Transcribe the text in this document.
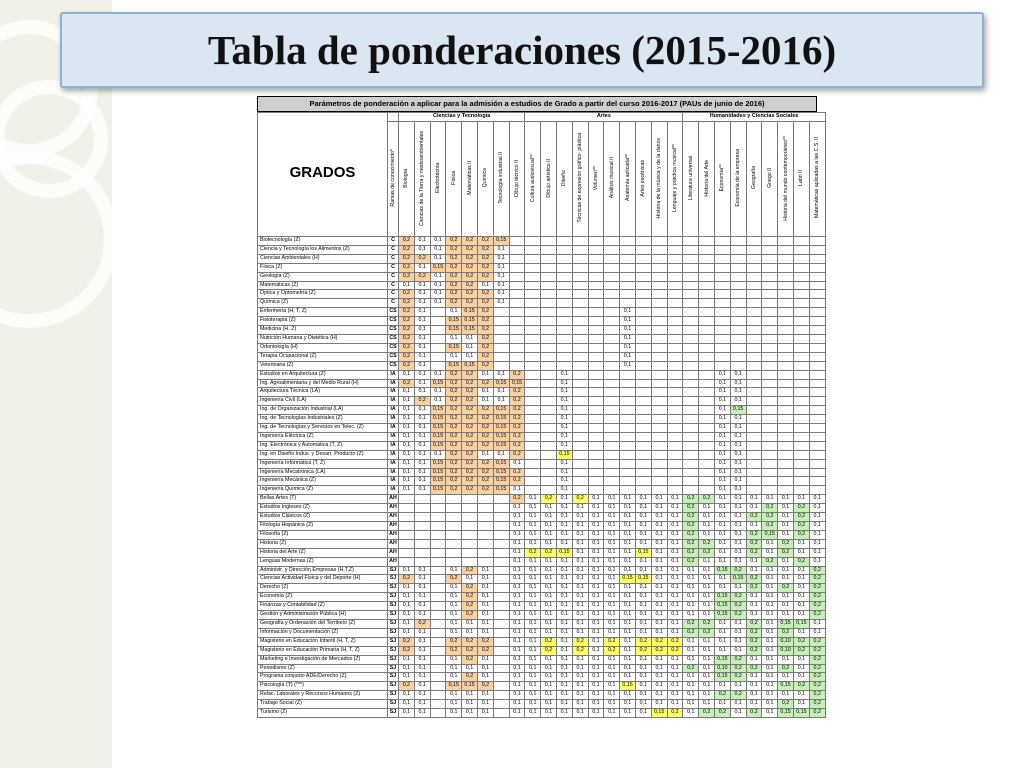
Tabla de ponderaciones (2015-2016)
Parámetros de ponderación a aplicar para la admisión a estudios de Grado a partir del curso 2016-2017 (PAUs de junio de 2016)
GRADOS		Ciencias y Tecnología								Artes										Humanidades y Ciencias Sociales								
	Ramas de conocimiento*	Biología	Ciencias de la Tierra y medioambientales	Electrotecnia	Física	Matemáticas II	Química	Tecnología industrial II	Dibujo técnico II	Cultura audiovisual**	Dibujo artístico II	Diseño	Técnicas de expresión gráfico- plástica	Volumen**	Análisis musical II	Anatomía aplicada**	Artes escénicas	Historia de la música y de la danza	Lenguaje y práctica musical**	Literatura universal	Historia del Arte	Economía**	Economía de la empresa	Geografía	Griego II	Historia del mundo contemporáneo**	Latín II	Matemáticas aplicadas a las C.S. II
Biotecnología (Z)	C	0,2	0,1	0,1	0,2	0,2	0,2	0,15																				
Ciencia y Tecnología los Alimentos (Z)	C	0,2	0,1	0,1	0,2	0,2	0,2	0,1																				
Ciencias Ambientales (H)	C	0,2	0,2	0,1	0,2	0,2	0,2	0,1																				
Física (Z)	C	0,2	0,1	0,15	0,2	0,2	0,2	0,1																				
Geología (Z)	C	0,2	0,2	0,1	0,2	0,2	0,2	0,1																				
Matemáticas (Z)	C	0,1	0,1	0,1	0,2	0,2	0,1	0,1																				
Óptica y Optometría (Z)	C	0,2	0,1	0,1	0,2	0,2	0,2	0,1																				
Química (Z)	C	0,2	0,1	0,1	0,2	0,2	0,2	0,1																				
Enfermería (H, T, Z)	CS	0,2	0,1		0,1	0,15	0,2									0,1												
Fisioterapia (Z)	CS	0,2	0,1		0,15	0,15	0,2									0,1												
Medicina (H, Z)	CS	0,2	0,1		0,15	0,15	0,2									0,1												
Nutrición Humana y Dietética (H)	CS	0,2	0,1		0,1	0,1	0,2									0,1												
Odontología (H)	CS	0,2	0,1		0,15	0,1	0,2									0,1												
Terapia Ocupacional (Z)	CS	0,2	0,1		0,1	0,1	0,2									0,1												
Veterinaria (Z)	CS	0,2	0,1		0,15	0,15	0,2									0,1												
Estudios en Arquitectura (Z)	IA	0,1	0,1	0,1	0,2	0,2	0,1	0,1	0,2			0,1										0,1	0,1					
Ing. Agroalimentaria y del Medio Rural (H)	IA	0,2	0,1	0,15	0,2	0,2	0,2	0,15	0,15			0,1										0,1	0,1					
Arquitectura Técnica (LA)	IA	0,1	0,1	0,1	0,2	0,2	0,1	0,1	0,2			0,1										0,1	0,1					
Ingeniería Civil (LA)	IA	0,1	0,2	0,1	0,2	0,2	0,1	0,1	0,2			0,1										0,1	0,1					
Ing. de Organización Industrial (LA)	IA	0,1	0,1	0,15	0,2	0,2	0,2	0,15	0,2			0,1										0,1	0,15					
Ing. de Tecnologías Industriales (Z)	IA	0,1	0,1	0,15	0,2	0,2	0,2	0,15	0,2			0,1										0,1	0,1					
Ing. de Tecnologías y Servicios en Telec. (Z)	IA	0,1	0,1	0,15	0,2	0,2	0,2	0,15	0,2			0,1										0,1	0,1					
Ingeniería Eléctrica (Z)	IA	0,1	0,1	0,15	0,2	0,2	0,2	0,15	0,2			0,1										0,1	0,1					
Ing. Electrónica y Automática (T, Z)	IA	0,1	0,1	0,15	0,2	0,2	0,2	0,15	0,2			0,1										0,1	0,1					
Ing. en Diseño Indus. y Desarr. Producto (Z)	IA	0,1	0,1	0,1	0,2	0,2	0,1	0,1	0,2			0,15										0,1	0,1					
Ingeniería Informática (T, Z)	IA	0,1	0,1	0,15	0,2	0,2	0,2	0,15	0,1			0,1										0,1	0,1					
Ingeniería Mecatrónica (LA)	IA	0,1	0,1	0,15	0,2	0,2	0,2	0,15	0,2			0,1										0,1	0,1					
Ingeniería Mecánica (Z)	IA	0,1	0,1	0,15	0,2	0,2	0,2	0,15	0,2			0,1										0,1	0,1					
Ingeniería Química (Z)	IA	0,1	0,1	0,15	0,2	0,2	0,2	0,15	0,1			0,1										0,1	0,1					
Bellas Artes (T)	AH								0,2	0,1	0,2	0,1	0,2	0,1	0,1	0,1	0,1	0,1	0,1	0,2	0,2	0,1	0,1	0,1	0,1	0,1	0,1	0,1
Estudios Ingleses (Z)	AH								0,1	0,1	0,1	0,1	0,1	0,1	0,1	0,1	0,1	0,1	0,1	0,2	0,1	0,1	0,1	0,1	0,2	0,1	0,2	0,1
Estudios Clásicos (Z)	AH								0,1	0,1	0,1	0,1	0,1	0,1	0,1	0,1	0,1	0,1	0,1	0,2	0,1	0,1	0,1	0,2	0,2	0,1	0,2	0,1
Filología Hispánica (Z)	AH								0,1	0,1	0,1	0,1	0,1	0,1	0,1	0,1	0,1	0,1	0,1	0,2	0,1	0,1	0,1	0,1	0,2	0,1	0,2	0,1
Filosofía (Z)	AH								0,1	0,1	0,1	0,1	0,1	0,1	0,1	0,1	0,1	0,1	0,1	0,2	0,1	0,1	0,1	0,2	0,15	0,1	0,2	0,1
Historia (Z)	AH								0,1	0,1	0,1	0,1	0,1	0,1	0,1	0,1	0,1	0,1	0,1	0,2	0,2	0,1	0,1	0,2	0,1	0,2	0,1	0,1
Historia del Arte (Z)	AH								0,1	0,2	0,2	0,15	0,1	0,1	0,1	0,1	0,15	0,1	0,1	0,2	0,2	0,1	0,1	0,2	0,1	0,2	0,1	0,1
Lenguas Modernas (Z)	AH								0,1	0,1	0,1	0,1	0,1	0,1	0,1	0,1	0,1	0,1	0,1	0,2	0,1	0,1	0,1	0,1	0,2	0,1	0,2	0,1
Administr. y Dirección Empresas (H,T,Z)	SJ	0,1	0,1		0,1	0,2	0,1		0,1	0,1	0,1	0,1	0,1	0,1	0,1	0,1	0,1	0,1	0,1	0,1	0,1	0,15	0,2	0,1	0,1	0,1	0,1	0,2
Ciencias Actividad Física y del Deporte (H)	SJ	0,2	0,1		0,2	0,1	0,1		0,1	0,1	0,1	0,1	0,1	0,1	0,1	0,15	0,15	0,1	0,1	0,1	0,1	0,1	0,15	0,2	0,1	0,1	0,1	0,2
Derecho (Z)	SJ	0,1	0,1		0,1	0,2	0,1		0,1	0,1	0,1	0,1	0,1	0,1	0,1	0,1	0,1	0,1	0,1	0,1	0,1	0,1	0,1	0,2	0,1	0,2	0,1	0,2
Economía (Z)	SJ	0,1	0,1		0,1	0,2	0,1		0,1	0,1	0,1	0,1	0,1	0,1	0,1	0,1	0,1	0,1	0,1	0,1	0,1	0,15	0,2	0,1	0,1	0,1	0,1	0,2
Finanzas y Contabilidad (Z)	SJ	0,1	0,1		0,1	0,2	0,1		0,1	0,1	0,1	0,1	0,1	0,1	0,1	0,1	0,1	0,1	0,1	0,1	0,1	0,15	0,2	0,1	0,1	0,1	0,1	0,2
Gestión y Administración Pública (H)	SJ	0,1	0,1		0,1	0,2	0,1		0,1	0,1	0,1	0,1	0,1	0,1	0,1	0,1	0,1	0,1	0,1	0,1	0,1	0,15	0,2	0,1	0,1	0,1	0,1	0,2
Geografía y Ordenación del Territorio (Z)	SJ	0,1	0,2		0,1	0,1	0,1		0,1	0,1	0,1	0,1	0,1	0,1	0,1	0,1	0,1	0,1	0,1	0,2	0,2	0,1	0,1	0,2	0,1	0,15	0,15	0,1
Información y Documentación (Z)	SJ	0,1	0,1		0,1	0,1	0,1		0,1	0,1	0,1	0,1	0,1	0,1	0,1	0,1	0,1	0,1	0,1	0,2	0,2	0,1	0,1	0,2	0,1	0,2	0,1	0,1
Magisterio en Educación Infantil (H, T, Z)	SJ	0,2	0,1		0,2	0,2	0,2		0,1	0,1	0,2	0,1	0,2	0,1	0,2	0,1	0,2	0,2	0,2	0,1	0,1	0,1	0,1	0,2	0,1	0,10	0,2	0,2
Magisterio en Educación Primaria (H, T, Z)	SJ	0,2	0,1		0,2	0,2	0,2		0,1	0,1	0,2	0,1	0,2	0,1	0,2	0,1	0,2	0,2	0,2	0,1	0,1	0,1	0,1	0,2	0,1	0,10	0,2	0,2
Marketing e Investigación de Mercados (Z)	SJ	0,1	0,1		0,1	0,2	0,1		0,1	0,1	0,1	0,1	0,1	0,1	0,1	0,1	0,1	0,1	0,1	0,1	0,1	0,15	0,2	0,1	0,1	0,1	0,1	0,2
Periodismo (Z)	SJ	0,1	0,1		0,1	0,1	0,1		0,1	0,1	0,1	0,1	0,1	0,1	0,1	0,1	0,1	0,1	0,1	0,2	0,1	0,10	0,2	0,2	0,1	0,2	0,1	0,2
Programa conjunto ADE/Derecho (Z)	SJ	0,1	0,1		0,1	0,2	0,1		0,1	0,1	0,1	0,1	0,1	0,1	0,1	0,1	0,1	0,1	0,1	0,1	0,1	0,15	0,2	0,1	0,1	0,1	0,1	0,2
Psicología (T) (***)	SJ	0,2	0,1		0,15	0,15	0,2		0,1	0,1	0,1	0,1	0,1	0,1	0,1	0,15	0,1	0,1	0,1	0,1	0,1	0,1	0,1	0,1	0,1	0,15	0,2	0,2
Relac. Laborales y Recursos Humanos (Z)	SJ	0,1	0,1		0,1	0,1	0,1		0,1	0,1	0,1	0,1	0,1	0,1	0,1	0,1	0,1	0,1	0,1	0,1	0,1	0,2	0,2	0,1	0,1	0,1	0,1	0,2
Trabajo Social (Z)	SJ	0,1	0,1		0,1	0,1	0,1		0,1	0,1	0,1	0,1	0,1	0,1	0,1	0,1	0,1	0,1	0,1	0,1	0,1	0,1	0,1	0,1	0,1	0,2	0,1	0,2
Turismo (Z)	SJ	0,1	0,1		0,1	0,1	0,1		0,1	0,1	0,1	0,1	0,1	0,1	0,1	0,1	0,1	0,15	0,2	0,1	0,2	0,2	0,1	0,2	0,1	0,15	0,15	0,2
